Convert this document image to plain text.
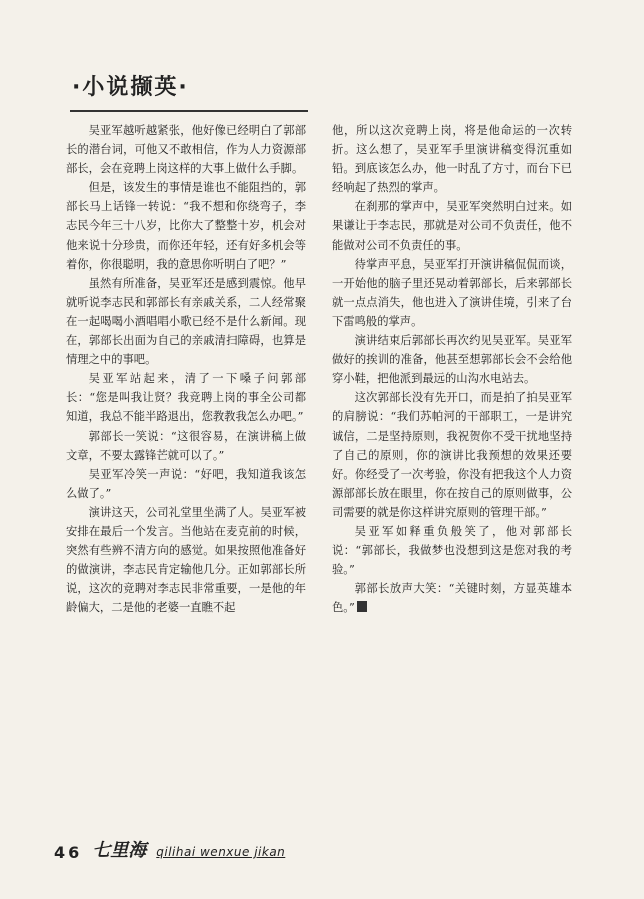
·小说撷英·

吴亚军越听越紧张，他好像已经明白了郭部长的潜台词，可他又不敢相信，作为人力资源部部长，会在竞聘上岗这样的大事上做什么手脚。

但是，该发生的事情是谁也不能阻挡的，郭部长马上话锋一转说：“我不想和你绕弯子，李志民今年三十八岁，比你大了整整十岁，机会对他来说十分珍贵，而你还年轻，还有好多机会等着你，你很聪明，我的意思你听明白了吧？”

虽然有所准备，吴亚军还是感到震惊。他早就听说李志民和郭部长有亲戚关系，二人经常聚在一起喝喝小酒唱唱小歌已经不是什么新闻。现在，郭部长出面为自己的亲戚清扫障碍，也算是情理之中的事吧。

吴亚军站起来，清了一下嗓子问郭部长：“您是叫我让贤？我竞聘上岗的事全公司都知道，我总不能半路退出，您教教我怎么办吧。”

郭部长一笑说：“这很容易，在演讲稿上做文章，不要太露锋芒就可以了。”

吴亚军冷笑一声说：“好吧，我知道我该怎么做了。”

演讲这天，公司礼堂里坐满了人。吴亚军被安排在最后一个发言。当他站在麦克前的时候，突然有些辨不清方向的感觉。如果按照他准备好的做演讲，李志民肯定输他几分。正如郭部长所说，这次的竞聘对李志民非常重要，一是他的年龄偏大，二是他的老婆一直瞧不起

他，所以这次竞聘上岗，将是他命运的一次转折。这么想了，吴亚军手里演讲稿变得沉重如铅。到底该怎么办，他一时乱了方寸，而台下已经响起了热烈的掌声。

在刹那的掌声中，吴亚军突然明白过来。如果谦让于李志民，那就是对公司不负责任，他不能做对公司不负责任的事。

待掌声平息，吴亚军打开演讲稿侃侃而谈，一开始他的脑子里还晃动着郭部长，后来郭部长就一点点消失，他也进入了演讲佳境，引来了台下雷鸣般的掌声。

演讲结束后郭部长再次约见吴亚军。吴亚军做好的挨训的准备，他甚至想郭部长会不会给他穿小鞋，把他派到最远的山沟水电站去。

这次郭部长没有先开口，而是拍了拍吴亚军的肩膀说：“我们苏帕河的干部职工，一是讲究诚信，二是坚持原则，我祝贺你不受干扰地坚持了自己的原则，你的演讲比我预想的效果还要好。你经受了一次考验，你没有把我这个人力资源部部长放在眼里，你在按自己的原则做事，公司需要的就是你这样讲究原则的管理干部。”

吴亚军如释重负般笑了，他对郭部长说：“郭部长，我做梦也没想到这是您对我的考验。”

郭部长放声大笑：“关键时刻，方显英雄本色。”

46 七里海 qilihai wenxue jikan
